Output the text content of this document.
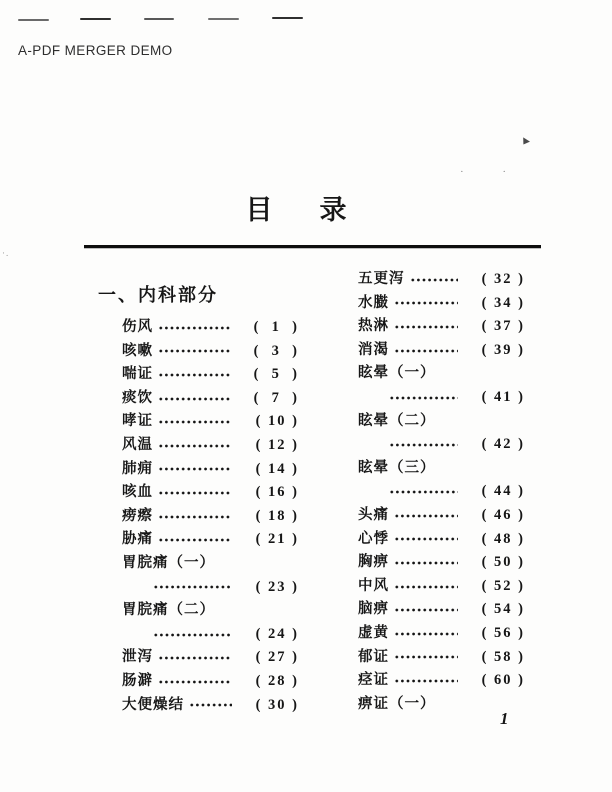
A-PDF MERGER DEMO
· ·
·.
目　录
一、内科部分
伤风	(  1  )
咳嗽	(  3  )
喘证	(  5  )
痰饮	(  7  )
哮证	( 10 )
风温	( 12 )
肺痈	( 14 )
咳血	( 16 )
痨瘵	( 18 )
胁痛	( 21 )
胃脘痛（一）
( 23 )
胃脘痛（二）
( 24 )
泄泻	( 27 )
肠澼	( 28 )
大便燥结	( 30 )
五更泻	( 32 )
水臌	( 34 )
热淋	( 37 )
消渴	( 39 )
眩晕（一）
( 41 )
眩晕（二）
( 42 )
眩晕（三）
( 44 )
头痛	( 46 )
心悸	( 48 )
胸痹	( 50 )
中风	( 52 )
脑痹	( 54 )
虚黄	( 56 )
郁证	( 58 )
痉证	( 60 )
痹证（一）
1
